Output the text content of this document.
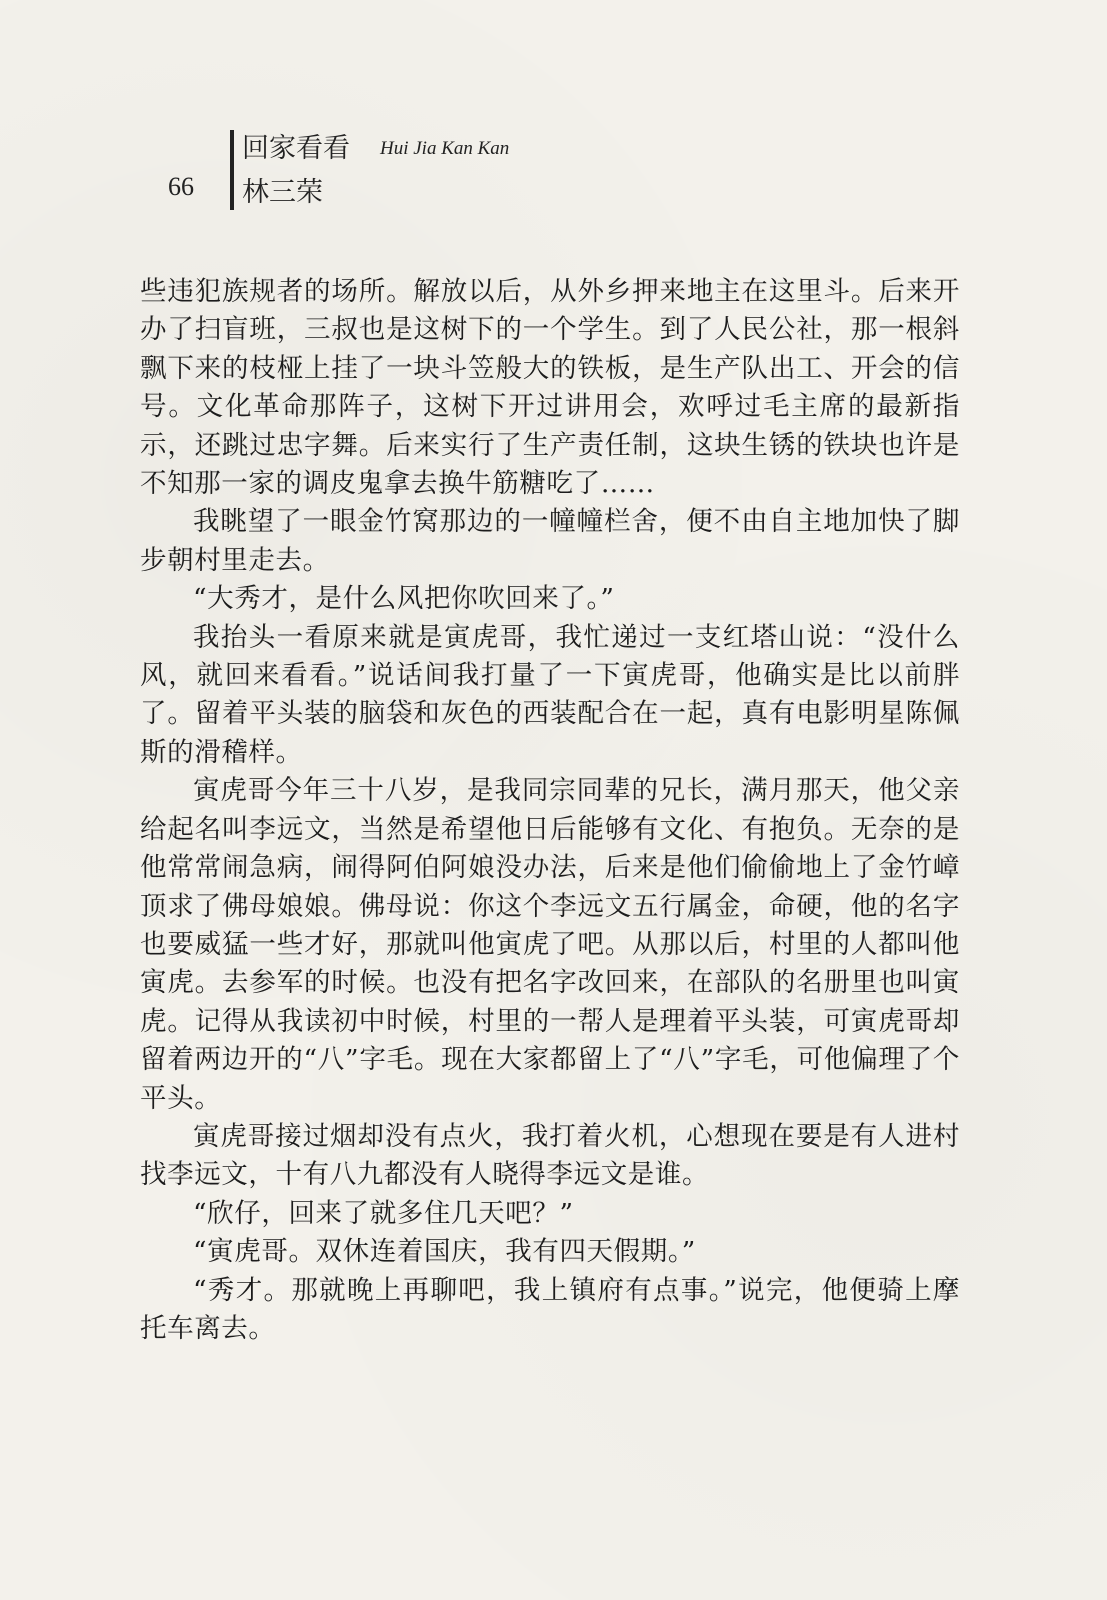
66
回家看看 Hui Jia Kan Kan
林三荣

些违犯族规者的场所。解放以后，从外乡押来地主在这里斗。后来开办了扫盲班，三叔也是这树下的一个学生。到了人民公社，那一根斜飘下来的枝桠上挂了一块斗笠般大的铁板，是生产队出工、开会的信号。文化革命那阵子，这树下开过讲用会，欢呼过毛主席的最新指示，还跳过忠字舞。后来实行了生产责任制，这块生锈的铁块也许是不知那一家的调皮鬼拿去换牛筋糖吃了……

我眺望了一眼金竹窝那边的一幢幢栏舍，便不由自主地加快了脚步朝村里走去。

“大秀才，是什么风把你吹回来了。”

我抬头一看原来就是寅虎哥，我忙递过一支红塔山说：“没什么风，就回来看看。”说话间我打量了一下寅虎哥，他确实是比以前胖了。留着平头装的脑袋和灰色的西装配合在一起，真有电影明星陈佩斯的滑稽样。

寅虎哥今年三十八岁，是我同宗同辈的兄长，满月那天，他父亲给起名叫李远文，当然是希望他日后能够有文化、有抱负。无奈的是他常常闹急病，闹得阿伯阿娘没办法，后来是他们偷偷地上了金竹嶂顶求了佛母娘娘。佛母说：你这个李远文五行属金，命硬，他的名字也要威猛一些才好，那就叫他寅虎了吧。从那以后，村里的人都叫他寅虎。去参军的时候。也没有把名字改回来，在部队的名册里也叫寅虎。记得从我读初中时候，村里的一帮人是理着平头装，可寅虎哥却留着两边开的“八”字毛。现在大家都留上了“八”字毛，可他偏理了个平头。

寅虎哥接过烟却没有点火，我打着火机，心想现在要是有人进村找李远文，十有八九都没有人晓得李远文是谁。

“欣仔，回来了就多住几天吧？”

“寅虎哥。双休连着国庆，我有四天假期。”

“秀才。那就晚上再聊吧，我上镇府有点事。”说完，他便骑上摩托车离去。
